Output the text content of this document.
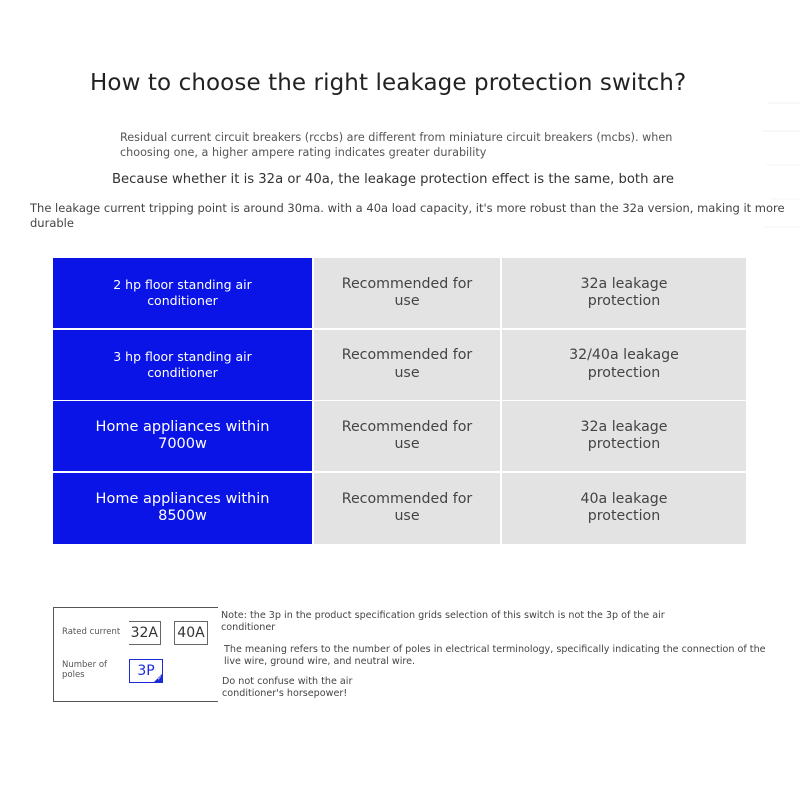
How to choose the right leakage protection switch?
Residual current circuit breakers (rccbs) are different from miniature circuit breakers (mcbs). when choosing one, a higher ampere rating indicates greater durability
Because whether it is 32a or 40a, the leakage protection effect is the same, both are
The leakage current tripping point is around 30ma. with a 40a load capacity, it's more robust than the 32a version, making it more durable
2 hp floor standing air conditioner
Recommended for use
32a leakage protection
3 hp floor standing air conditioner
Recommended for use
32/40a leakage protection
Home appliances within 7000w
Recommended for use
32a leakage protection
Home appliances within 8500w
Recommended for use
40a leakage protection
Rated current
Number of poles
32A 40A
3P ✓
Note: the 3p in the product specification grids selection of this switch is not the 3p of the air conditioner
The meaning refers to the number of poles in electrical terminology, specifically indicating the connection of the live wire, ground wire, and neutral wire.
Do not confuse with the air conditioner's horsepower!
